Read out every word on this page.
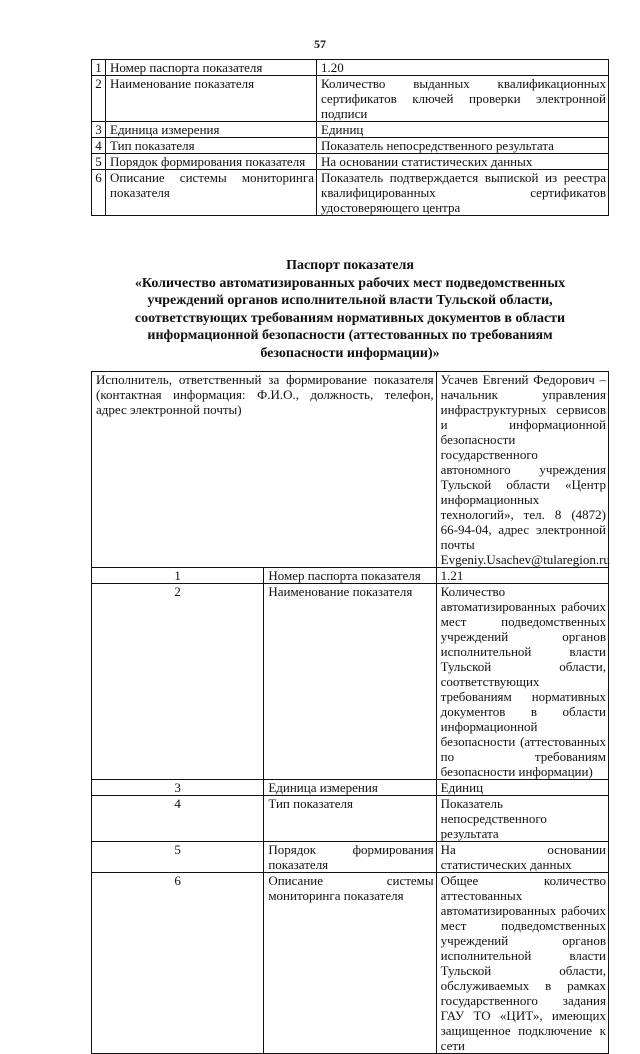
57
1	Номер паспорта показателя	1.20
2	Наименование показателя	Количество выданных квалификационных сертификатов ключей проверки электронной подписи
3	Единица измерения	Единиц
4	Тип показателя	Показатель непосредственного результата
5	Порядок формирования показателя	На основании статистических данных
6	Описание системы мониторинга показателя	Показатель подтверждается выпиской из реестра квалифицированных сертификатов удостоверяющего центра
Паспорт показателя
«Количество автоматизированных рабочих мест подведомственных
учреждений органов исполнительной власти Тульской области,
соответствующих требованиям нормативных документов в области
информационной безопасности (аттестованных по требованиям
безопасности информации)»
Исполнитель, ответственный за формирование показателя (контактная информация: Ф.И.О., должность, телефон, адрес электронной почты)		Усачев Евгений Федорович – начальник управления инфраструктурных сервисов и информационной безопасности государственного автономного учреждения Тульской области «Центр информационных технологий», тел. 8 (4872) 66-94-04, адрес электронной почты
Evgeniy.Usachev@tularegion.ru
1	Номер паспорта показателя	1.21
2	Наименование показателя	Количество автоматизированных рабочих мест подведомственных учреждений органов исполнительной власти Тульской области, соответствующих требованиям нормативных документов в области информационной безопасности (аттестованных по требованиям безопасности информации)
3	Единица измерения	Единиц
4	Тип показателя	Показатель непосредственного результата
5	Порядок формирования показателя	На основании статистических данных
6	Описание системы мониторинга показателя	Общее количество аттестованных автоматизированных рабочих мест подведомственных учреждений органов исполнительной власти Тульской области, обслуживаемых в рамках государственного задания ГАУ ТО «ЦИТ», имеющих защищенное подключение к сети
